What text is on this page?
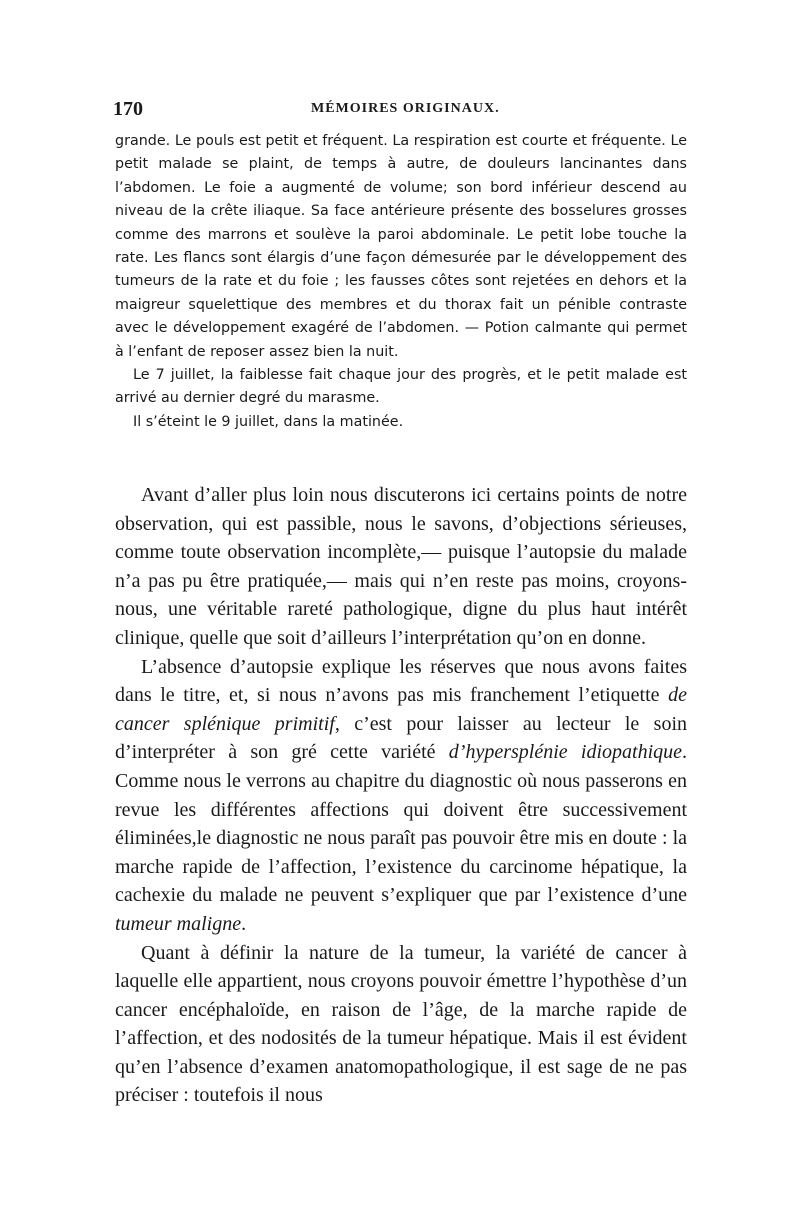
170	MÉMOIRES ORIGINAUX.

grande. Le pouls est petit et fréquent. La respiration est courte et fréquente. Le petit malade se plaint, de temps à autre, de douleurs lancinantes dans l’abdomen. Le foie a augmenté de volume; son bord inférieur descend au niveau de la crête iliaque. Sa face antérieure présente des bosselures grosses comme des marrons et soulève la paroi abdominale. Le petit lobe touche la rate. Les flancs sont élargis d’une façon démesurée par le développement des tumeurs de la rate et du foie ; les fausses côtes sont rejetées en dehors et la maigreur squelettique des membres et du thorax fait un pénible contraste avec le développement exagéré de l’abdomen. — Potion calmante qui permet à l’enfant de reposer assez bien la nuit.

Le 7 juillet, la faiblesse fait chaque jour des progrès, et le petit malade est arrivé au dernier degré du marasme.

Il s’éteint le 9 juillet, dans la matinée.

Avant d’aller plus loin nous discuterons ici certains points de notre observation, qui est passible, nous le savons, d’objections sérieuses, comme toute observation incomplète,— puisque l’autopsie du malade n’a pas pu être pratiquée,— mais qui n’en reste pas moins, croyons-nous, une véritable rareté pathologique, digne du plus haut intérêt clinique, quelle que soit d’ailleurs l’interprétation qu’on en donne.

L’absence d’autopsie explique les réserves que nous avons faites dans le titre, et, si nous n’avons pas mis franchement l’etiquette de cancer splénique primitif, c’est pour laisser au lecteur le soin d’interpréter à son gré cette variété d’hypersplénie idiopathique. Comme nous le verrons au chapitre du diagnostic où nous passerons en revue les différentes affections qui doivent être successivement éliminées,le diagnostic ne nous paraît pas pouvoir être mis en doute : la marche rapide de l’affection, l’existence du carcinome hépatique, la cachexie du malade ne peuvent s’expliquer que par l’existence d’une tumeur maligne.

Quant à définir la nature de la tumeur, la variété de cancer à laquelle elle appartient, nous croyons pouvoir émettre l’hypothèse d’un cancer encéphaloïde, en raison de l’âge, de la marche rapide de l’affection, et des nodosités de la tumeur hépatique. Mais il est évident qu’en l’absence d’examen anatomopathologique, il est sage de ne pas préciser : toutefois il nous
